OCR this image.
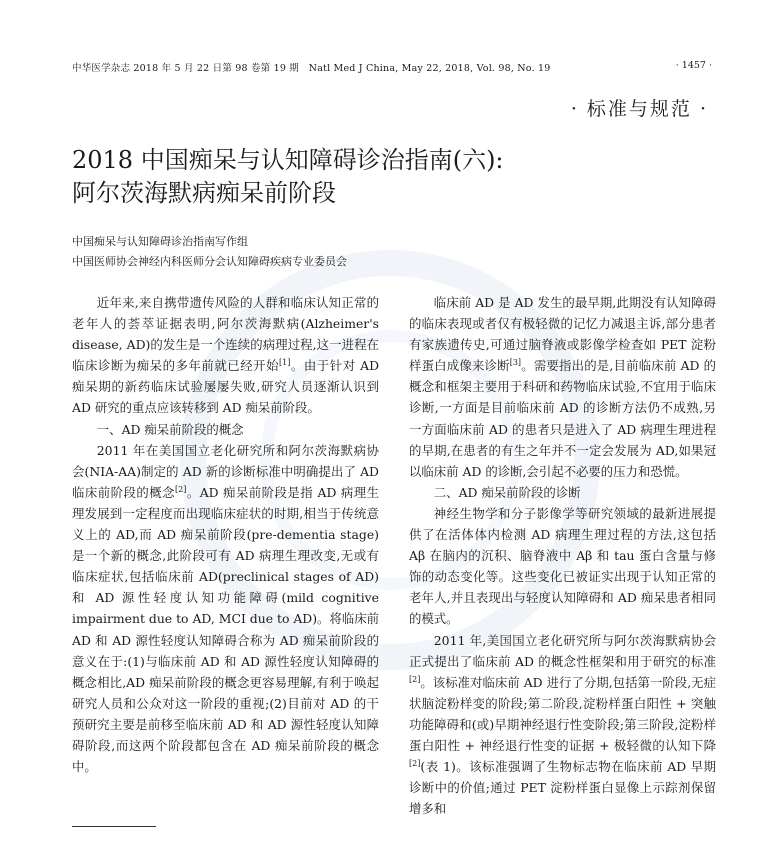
中华医学杂志 2018 年 5 月 22 日第 98 卷第 19 期　Natl Med J China, May 22, 2018, Vol. 98, No. 19	· 1457 ·
· 标准与规范 ·
2018 中国痴呆与认知障碍诊治指南(六):
阿尔茨海默病痴呆前阶段
中国痴呆与认知障碍诊治指南写作组
中国医师协会神经内科医师分会认知障碍疾病专业委员会

近年来,来自携带遗传风险的人群和临床认知正常的老年人的荟萃证据表明,阿尔茨海默病(Alzheimer's disease, AD)的发生是一个连续的病理过程,这一进程在临床诊断为痴呆的多年前就已经开始[1]。由于针对 AD 痴呆期的新药临床试验屡屡失败,研究人员逐渐认识到 AD 研究的重点应该转移到 AD 痴呆前阶段。

一、AD 痴呆前阶段的概念

2011 年在美国国立老化研究所和阿尔茨海默病协会(NIA-AA)制定的 AD 新的诊断标准中明确提出了 AD 临床前阶段的概念[2]。AD 痴呆前阶段是指 AD 病理生理发展到一定程度而出现临床症状的时期,相当于传统意义上的 AD,而 AD 痴呆前阶段(pre-dementia stage)是一个新的概念,此阶段可有 AD 病理生理改变,无或有临床症状,包括临床前 AD(preclinical stages of AD)和 AD 源性轻度认知功能障碍(mild cognitive impairment due to AD, MCI due to AD)。将临床前 AD 和 AD 源性轻度认知障碍合称为 AD 痴呆前阶段的意义在于:(1)与临床前 AD 和 AD 源性轻度认知障碍的概念相比,AD 痴呆前阶段的概念更容易理解,有利于唤起研究人员和公众对这一阶段的重视;(2)目前对 AD 的干预研究主要是前移至临床前 AD 和 AD 源性轻度认知障碍阶段,而这两个阶段都包含在 AD 痴呆前阶段的概念中。

临床前 AD 是 AD 发生的最早期,此期没有认知障碍的临床表现或者仅有极轻微的记忆力减退主诉,部分患者有家族遗传史,可通过脑脊液或影像学检查如 PET 淀粉样蛋白成像来诊断[3]。需要指出的是,目前临床前 AD 的概念和框架主要用于科研和药物临床试验,不宜用于临床诊断,一方面是目前临床前 AD 的诊断方法仍不成熟,另一方面临床前 AD 的患者只是进入了 AD 病理生理进程的早期,在患者的有生之年并不一定会发展为 AD,如果冠以临床前 AD 的诊断,会引起不必要的压力和恐慌。

二、AD 痴呆前阶段的诊断

神经生物学和分子影像学等研究领域的最新进展提供了在活体体内检测 AD 病理生理过程的方法,这包括 Aβ 在脑内的沉积、脑脊液中 Aβ 和 tau 蛋白含量与修饰的动态变化等。这些变化已被证实出现于认知正常的老年人,并且表现出与轻度认知障碍和 AD 痴呆患者相同的模式。

2011 年,美国国立老化研究所与阿尔茨海默病协会正式提出了临床前 AD 的概念性框架和用于研究的标准[2]。该标准对临床前 AD 进行了分期,包括第一阶段,无症状脑淀粉样变的阶段;第二阶段,淀粉样蛋白阳性 + 突触功能障碍和(或)早期神经退行性变阶段;第三阶段,淀粉样蛋白阳性 + 神经退行性变的证据 + 极轻微的认知下降[2](表 1)。该标准强调了生物标志物在临床前 AD 早期诊断中的价值;通过 PET 淀粉样蛋白显像上示踪剂保留增多和
